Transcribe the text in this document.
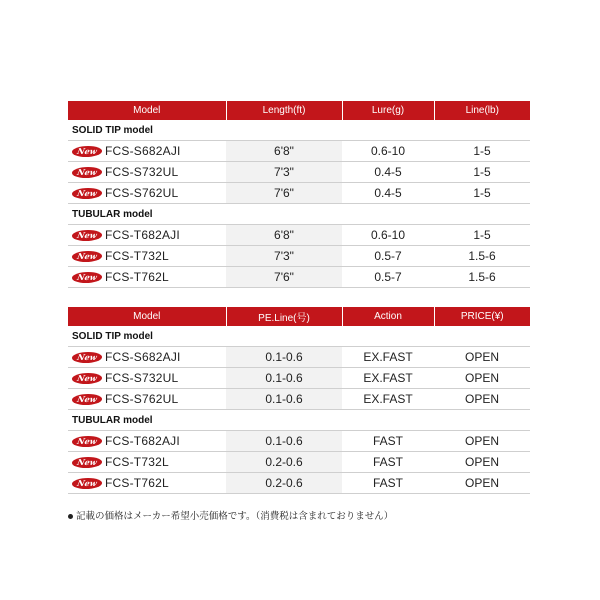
Model	Length(ft)	Lure(g)	Line(lb)
SOLID TIP model			
New FCS-S682AJI	6'8"	0.6-10	1-5
New FCS-S732UL	7'3"	0.4-5	1-5
New FCS-S762UL	7'6"	0.4-5	1-5
TUBULAR model			
New FCS-T682AJI	6'8"	0.6-10	1-5
New FCS-T732L	7'3"	0.5-7	1.5-6
New FCS-T762L	7'6"	0.5-7	1.5-6
Model	PE.Line(号)	Action	PRICE(¥)
SOLID TIP model			
New FCS-S682AJI	0.1-0.6	EX.FAST	OPEN
New FCS-S732UL	0.1-0.6	EX.FAST	OPEN
New FCS-S762UL	0.1-0.6	EX.FAST	OPEN
TUBULAR model			
New FCS-T682AJI	0.1-0.6	FAST	OPEN
New FCS-T732L	0.2-0.6	FAST	OPEN
New FCS-T762L	0.2-0.6	FAST	OPEN
記載の価格はメーカー希望小売価格です。（消費税は含まれておりません）
